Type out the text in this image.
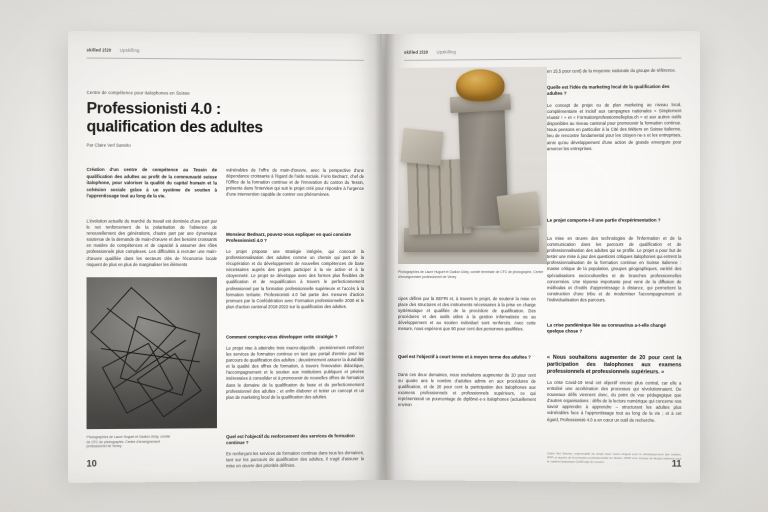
skilled 2/20 Upskilling
Centre de compétence pour italophones en Suisse
Professionisti 4.0 :
qualification des adultes
Par Claire Verl Sanvito
Création d'un centre de compétence au Tessin de qualification des adultes au profit de la communauté suisse italophone, pour valoriser la qualité du capital humain et la cohésion sociale grâce à un système de soutien à l'apprentissage tout au long de la vie.
L'évolution actuelle du marché du travail est dominée d'une part par le net renforcement de la polarisation de l'absence de renouvellement des générations, d'autre part par une dynamique soutenue de la demande de main-d'œuvre et des besoins croissants en matière de compétences et de capacité à assumer des rôles professionnels plus complexes. Les difficultés à recruter une main-d'œuvre qualifiée dans les secteurs clés de l'économie locale risquent de plus en plus de marginaliser les éléments
Photographies de Laure Huguet et Gadion Uldry, comité de CFC de photographie, Centre d'enseignement professionnel de Vevey
vulnérables de l'offre de main-d'œuvre, avec la perspective d'une dépendance croissante à l'égard de l'aide sociale. Furio Bednarz, chef de l'Office de la formation continue et de l'innovation du canton du Tessin, présente dans l'interview qui suit le projet créé pour répondre à l'urgence d'une intervention capable de contrer ces phénomènes.
Monsieur Bednarz, pouvez-vous expliquer en quoi consiste Professionisti 4.0 ?
Le projet propose une stratégie intégrée, qui concourt la professionnalisation des adultes comme un chemin qui part de la récupération et du développement de nouvelles compétences de base nécessaires auprès des projets participer à la vie active et à la citoyenneté. Le projet se développe avec des formes plus flexibles de qualification et de requalification à travers le perfectionnement professionnel par la formation professionnelle supérieure et l'accès à la formation tertiaire. Professionisti 4.0 fait partie des mesures d'action promues par la Confédération avec Formation professionnelle 2030 et le plan d'action cantonal 2018-2022 sur la qualification des adultes.
Comment comptez-vous développer cette stratégie ?
Le projet vise à atteindre trois macro-objectifs : premièrement renforcer les services de formation continue en tant que portail d'entrée pour les parcours de qualification des adultes ; deuxièmement assurer la durabilité et la qualité des offres de formation, à travers l'innovation didactique, l'accompagnement et le soutien aux institutions publiques et privées intéressées à consolider et à promouvoir de nouvelles offres de formation dans le domaine de la qualification de base et du perfectionnement professionnel des adultes ; et enfin élaborer et tester un concept et un plan de marketing local de la qualification des adultes.
Quel est l'objectif du renforcement des services de formation continue ?
En renforçant les services de formation continue dans tous les domaines, tant sur les parcours de qualification des adultes, il s'agit d'assurer la mise en œuvre des priorités définies.
10
skilled 2/20 Upskilling
Photographies de Laure Huguet et Gadion Uldry, comité terminale de CFC de photographe, Centre d'enseignement professionnel de Vevey
cipes définis par la SEFRI et, à travers le projet, de soutenir la mise en place des structures et des instruments nécessaires à la prise en charge systématique et qualifiée de la procédure de qualification. Des procédures et des outils utiles à la gestion informatisée ou au développement et au soutien individuel sont renforcés. Avec cette mesure, nous espérons que 90 pour cent des personnes qualifiées.
Quel est l'objectif à court terme et à moyen terme des adultes ?
Dans ces deux domaines, nous souhaitons augmenter de 20 pour cent ou quatre ans le nombre d'adultes admis en aux procédures de qualification, et de 20 pour cent la participation des italophones aux examens professionnels et professionnels supérieurs, ce qui représenterait un pourcentage de diplômé·e·s italophones (actuellement environ
« Nous souhaitons augmenter de 20 pour cent la participation des italophones aux examens professionnels et professionnels supérieurs. »
en 15,5 pour cent) de la moyenne nationale du groupe de référence.
Quelle est l'idée du marketing local de la qualification des adultes ?
Le concept de projet ou de plan marketing au niveau local, complémentaire et incisif aux campagnes nationales « Simplement réussir ! » et « Formationprofessionnelleplus.ch » et aux autres outils disponibles au niveau cantonal pour promouvoir la formation continue. Nous pensons en particulier à la Cité des Métiers en Suisse italienne, lieu de rencontre fondamental pour les citoyen·ne·s et les entreprises, ainsi qu'au développement d'une action de grande envergure pour amorcer les entreprises.
Le projet comporte-t-il une partie d'expérimentation ?
La mise en œuvre des technologies de l'information et de la communication dans les parcours de qualification et de professionnalisation des adultes qui se profile. Le projet a pour but de tester une mise à jour des questions critiques italophones qui entrent la professionnalisation de la formation continue en Suisse italienne : masse critique de la population, groupes géographiques, variété des spécialisations socioculturelles et de branches professionnelles concernées. Une réponse importante peut venir de la diffusion de méthodes et d'outils d'apprentissage à distance, qui permettent la construction d'une tribu et de moderniser l'accompagnement et l'individualisation des parcours.
La crise pandémique liée au coronavirus a-t-elle changé quelque chose ?
La crise Covid-19 rend cet objectif encore plus central, car elle a entraîné une accélération des processus qui révolutionnaient. De nouveaux défis viennent donc, du point de vue pédagogique que d'autres organisations : défis de la lecture numérique qui concerne nos savoir apprendre à apprendre – structurant les adultes plus vulnérables face à l'apprentissage tout au long de la vie ; et à cet égard, Professionisti 4.0 a en cœur un outil de recherche.
Claire Veri Sanvito, responsable de projet avec Laure Huguet pour le développement des métiers, IFFP, et auprès de la formation professionnelle du Tessin, l'IFFP et le Groupe de langue italienne pour le matériel didactique GLIMI agit de concert.	11
